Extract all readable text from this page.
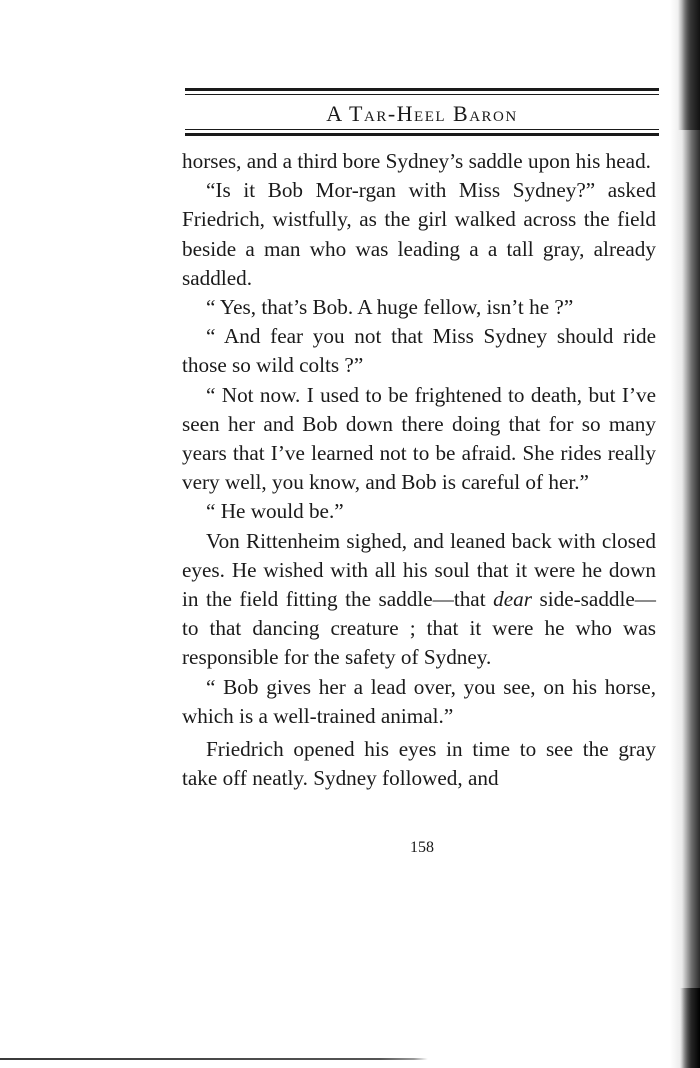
A Tar-Heel Baron

horses, and a third bore Sydney’s saddle upon his head.

“Is it Bob Mor-rgan with Miss Sydney?” asked Friedrich, wistfully, as the girl walked across the field beside a man who was leading a a tall gray, already saddled.

“ Yes, that’s Bob. A huge fellow, isn’t he ?”

“ And fear you not that Miss Sydney should ride those so wild colts ?”

“ Not now. I used to be frightened to death, but I’ve seen her and Bob down there doing that for so many years that I’ve learned not to be afraid. She rides really very well, you know, and Bob is careful of her.”

“ He would be.”

Von Rittenheim sighed, and leaned back with closed eyes. He wished with all his soul that it were he down in the field fitting the saddle—that dear side-saddle—to that dancing creature ; that it were he who was responsible for the safety of Sydney.

“ Bob gives her a lead over, you see, on his horse, which is a well-trained animal.”

Friedrich opened his eyes in time to see the gray take off neatly. Sydney followed, and

158
